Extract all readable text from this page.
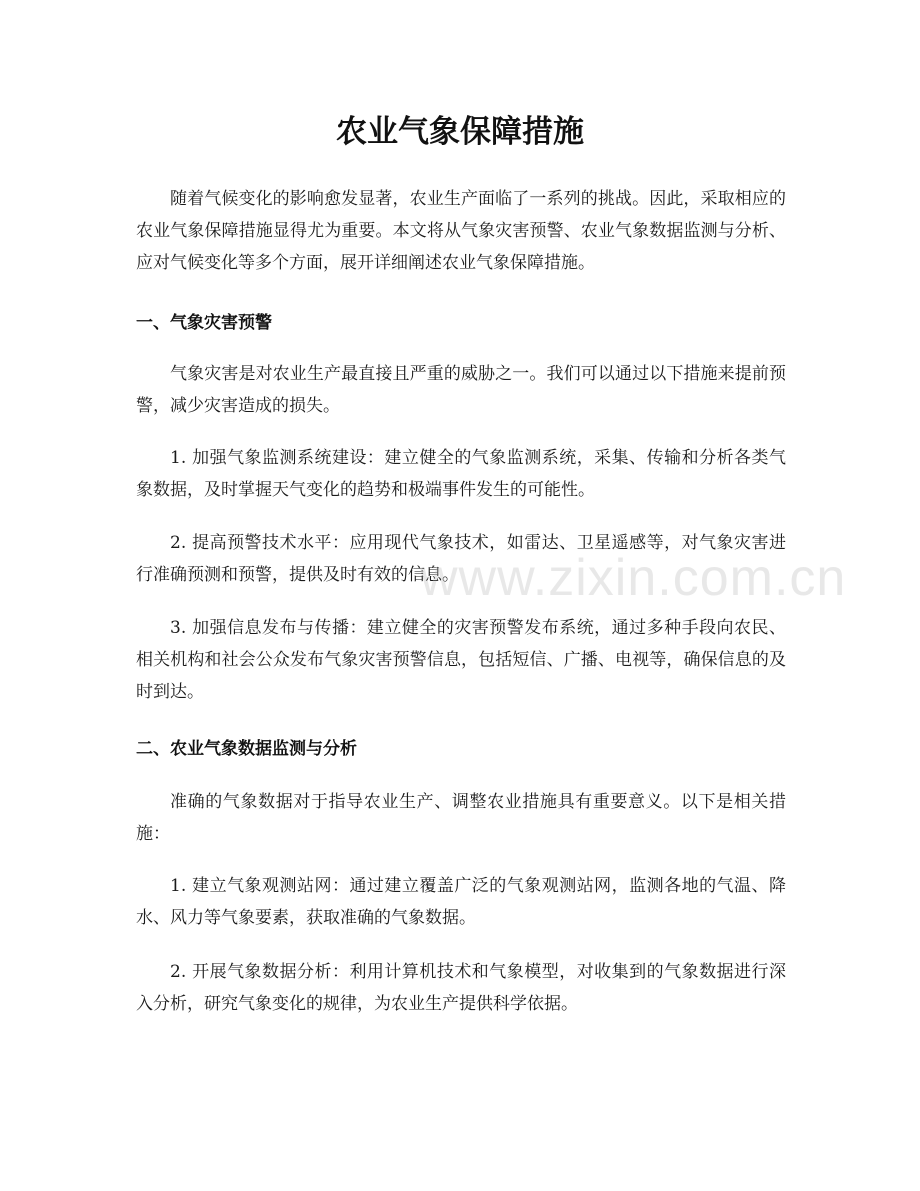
农业气象保障措施

随着气候变化的影响愈发显著，农业生产面临了一系列的挑战。因此，采取相应的农业气象保障措施显得尤为重要。本文将从气象灾害预警、农业气象数据监测与分析、应对气候变化等多个方面，展开详细阐述农业气象保障措施。

一、气象灾害预警

气象灾害是对农业生产最直接且严重的威胁之一。我们可以通过以下措施来提前预警，减少灾害造成的损失。

1. 加强气象监测系统建设：建立健全的气象监测系统，采集、传输和分析各类气象数据，及时掌握天气变化的趋势和极端事件发生的可能性。

2. 提高预警技术水平：应用现代气象技术，如雷达、卫星遥感等，对气象灾害进行准确预测和预警，提供及时有效的信息。

3. 加强信息发布与传播：建立健全的灾害预警发布系统，通过多种手段向农民、相关机构和社会公众发布气象灾害预警信息，包括短信、广播、电视等，确保信息的及时到达。

二、农业气象数据监测与分析

准确的气象数据对于指导农业生产、调整农业措施具有重要意义。以下是相关措施：

1. 建立气象观测站网：通过建立覆盖广泛的气象观测站网，监测各地的气温、降水、风力等气象要素，获取准确的气象数据。

2. 开展气象数据分析：利用计算机技术和气象模型，对收集到的气象数据进行深入分析，研究气象变化的规律，为农业生产提供科学依据。

www.zixin.com.cn
